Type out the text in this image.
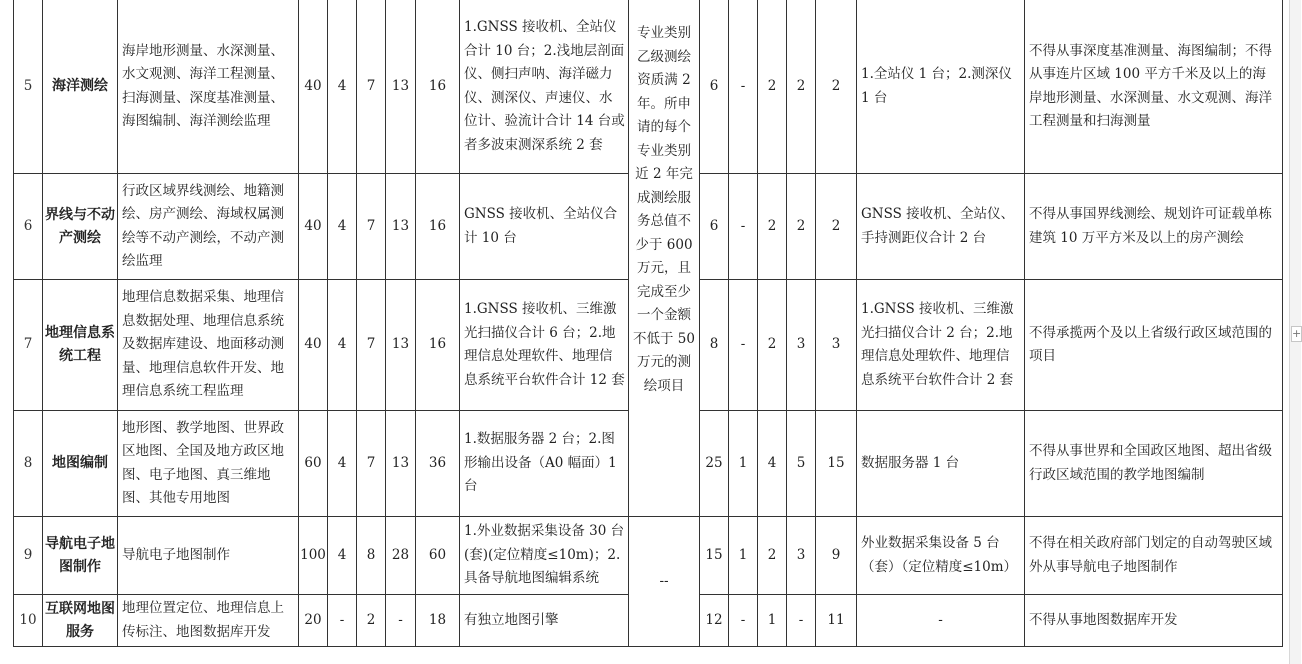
5	海洋测绘	海岸地形测量、水深测量、水文观测、海洋工程测量、扫海测量、深度基准测量、海图编制、海洋测绘监理	40	4	7	13	16	1.GNSS 接收机、全站仪合计 10 台；2.浅地层剖面仪、侧扫声呐、海洋磁力仪、测深仪、声速仪、水位计、验流计合计 14 台或者多波束测深系统 2 套	专业类别乙级测绘资质满 2 年。所申请的每个专业类别近 2 年完成测绘服务总值不少于 600 万元，且完成至少一个金额不低于 50 万元的测绘项目	6	-	2	2	2	1.全站仪 1 台；2.测深仪 1 台	不得从事深度基准测量、海图编制；不得从事连片区域 100 平方千米及以上的海岸地形测量、水深测量、水文观测、海洋工程测量和扫海测量
6	界线与不动产测绘	行政区域界线测绘、地籍测绘、房产测绘、海域权属测绘等不动产测绘，不动产测绘监理	40	4	7	13	16	GNSS 接收机、全站仪合计 10 台		6	-	2	2	2	GNSS 接收机、全站仪、手持测距仪合计 2 台	不得从事国界线测绘、规划许可证载单栋建筑 10 万平方米及以上的房产测绘
7	地理信息系统工程	地理信息数据采集、地理信息数据处理、地理信息系统及数据库建设、地面移动测量、地理信息软件开发、地理信息系统工程监理	40	4	7	13	16	1.GNSS 接收机、三维激光扫描仪合计 6 台；2.地理信息处理软件、地理信息系统平台软件合计 12 套		8	-	2	3	3	1.GNSS 接收机、三维激光扫描仪合计 2 台；2.地理信息处理软件、地理信息系统平台软件合计 2 套	不得承揽两个及以上省级行政区域范围的项目
8	地图编制	地形图、教学地图、世界政区地图、全国及地方政区地图、电子地图、真三维地图、其他专用地图	60	4	7	13	36	1.数据服务器 2 台；2.图形输出设备（A0 幅面）1 台		25	1	4	5	15	数据服务器 1 台	不得从事世界和全国政区地图、超出省级行政区域范围的教学地图编制
9	导航电子地图制作	导航电子地图制作	100	4	8	28	60	1.外业数据采集设备 30 台(套)(定位精度≤10m)；2.具备导航地图编辑系统	--	15	1	2	3	9	外业数据采集设备 5 台（套）（定位精度≤10m）	不得在相关政府部门划定的自动驾驶区域外从事导航电子地图制作
10	互联网地图服务	地理位置定位、地理信息上传标注、地图数据库开发	20	-	2	-	18	有独立地图引擎		12	-	1	-	11	-	不得从事地图数据库开发
+
